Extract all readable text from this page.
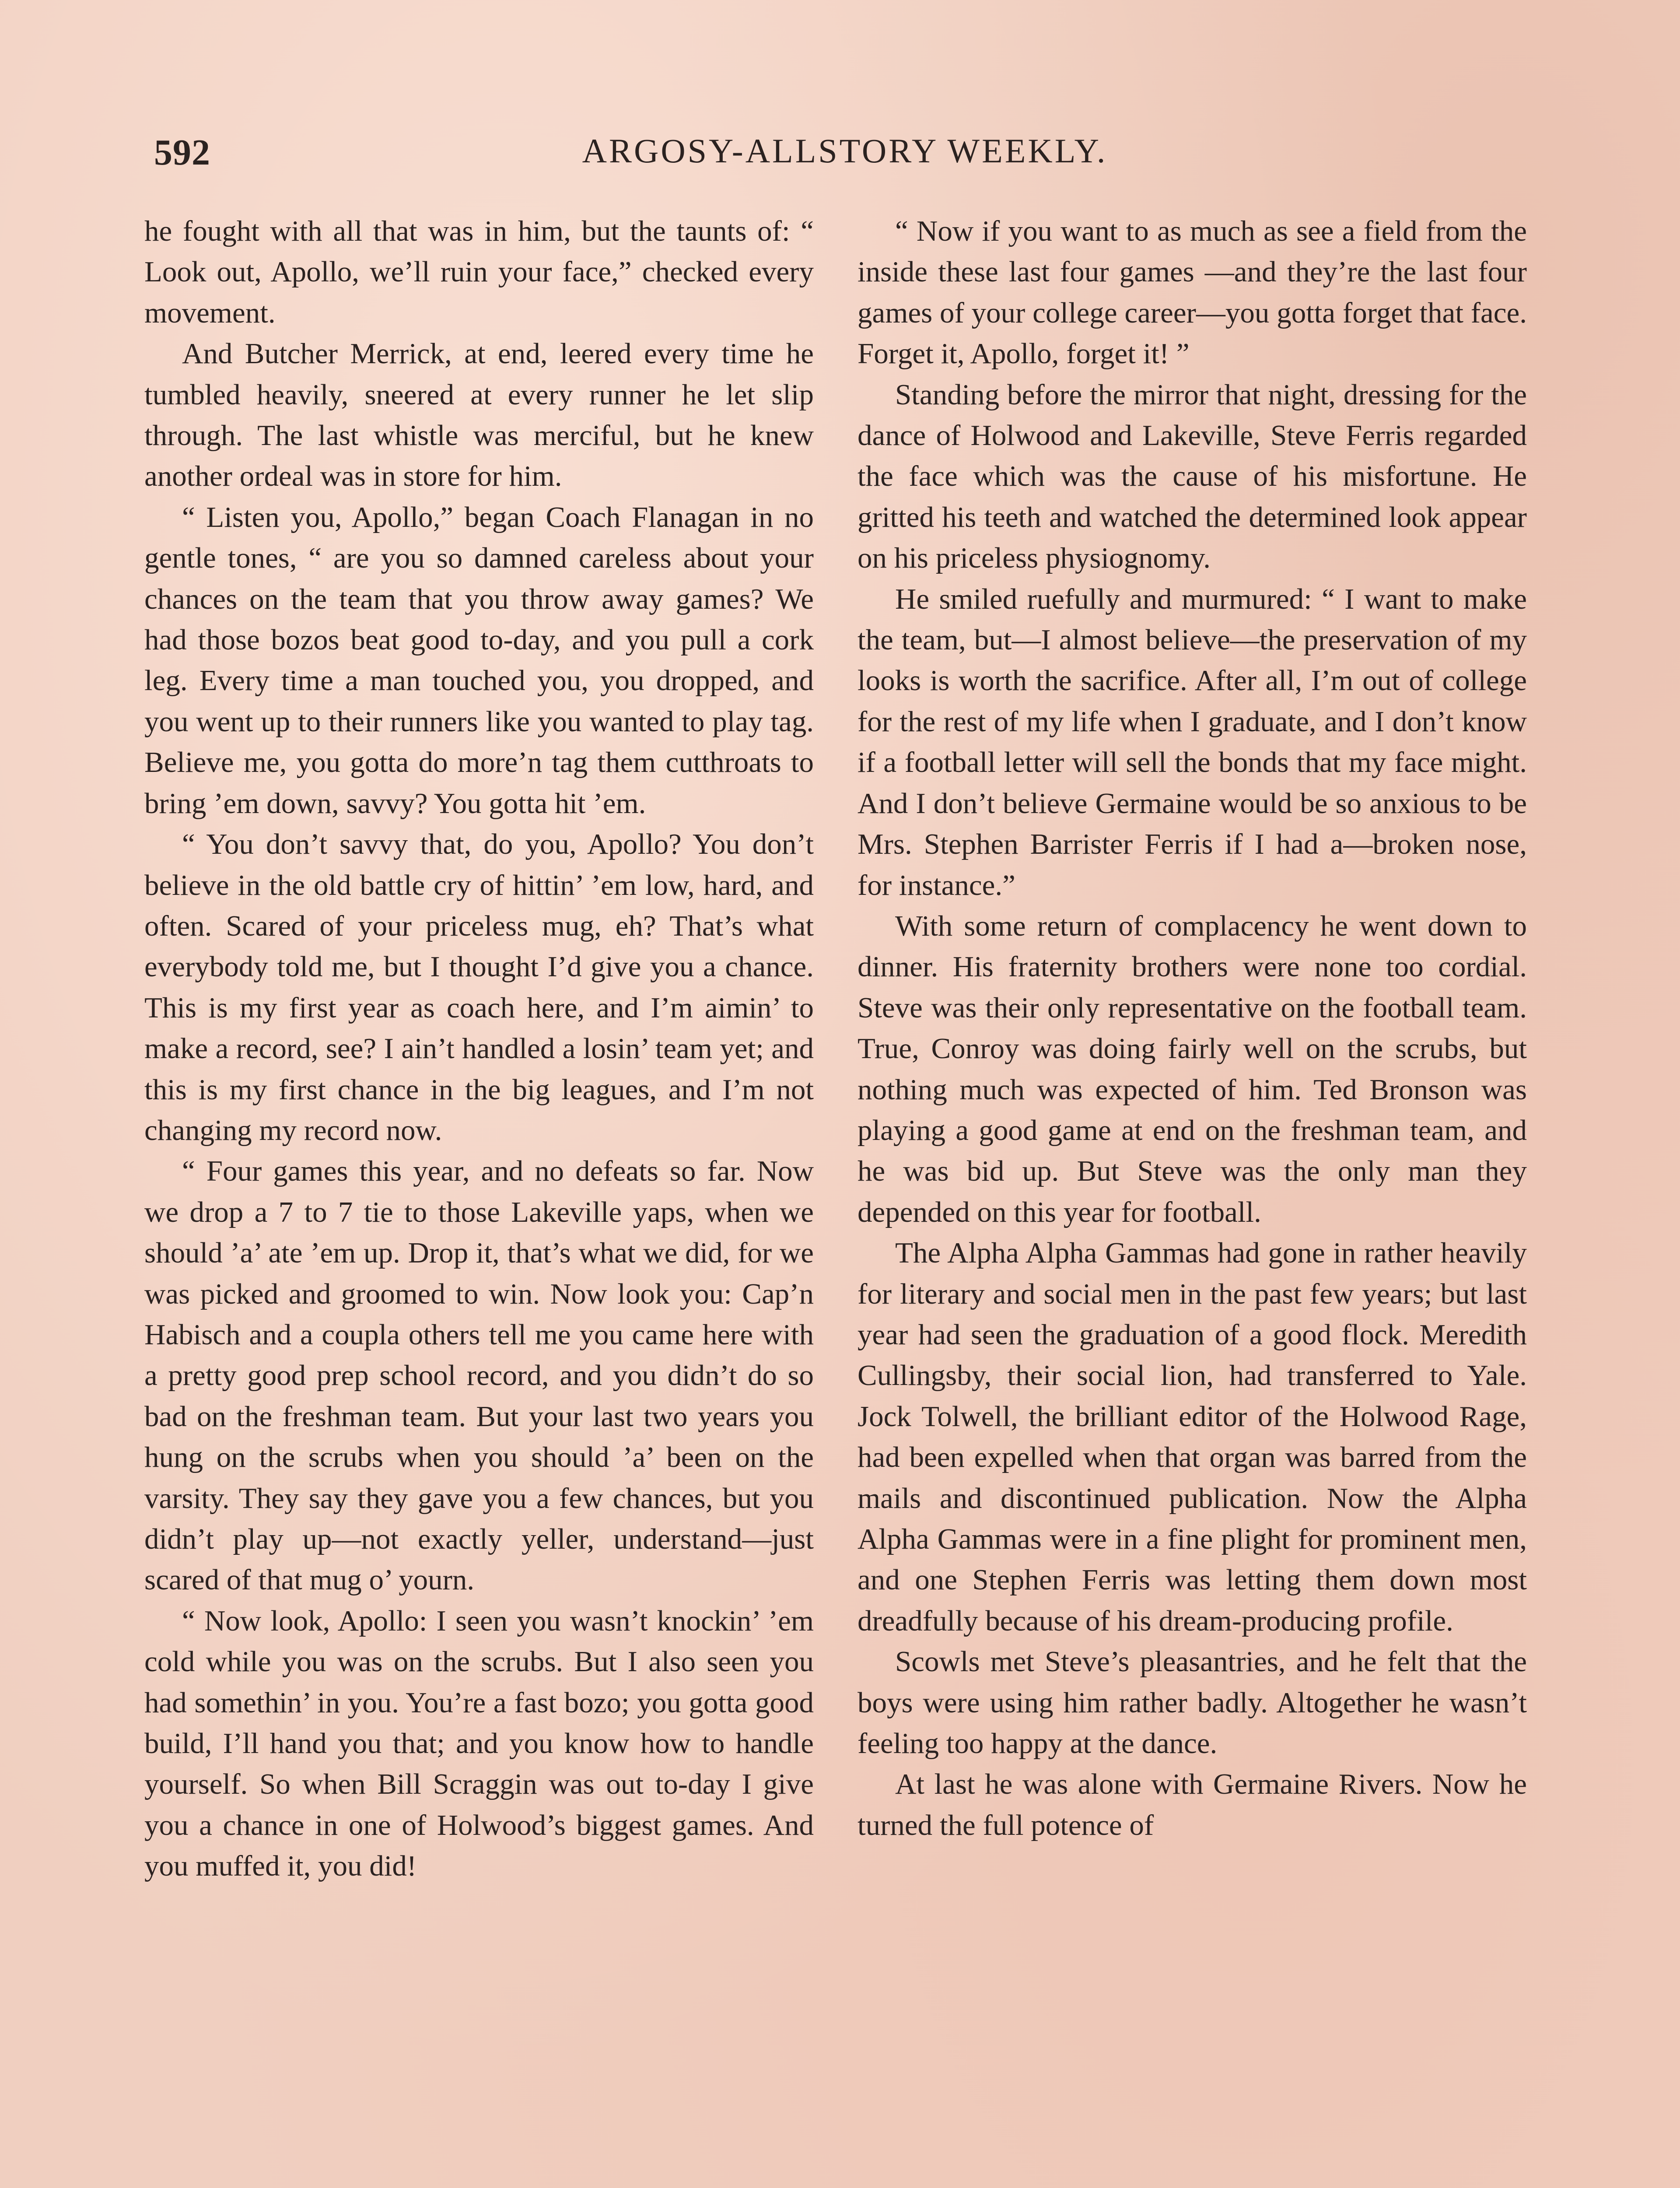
592	ARGOSY-ALLSTORY WEEKLY.

he fought with all that was in him, but the taunts of: “ Look out, Apollo, we’ll ruin your face,” checked every movement.

And Butcher Merrick, at end, leered every time he tumbled heavily, sneered at every runner he let slip through. The last whistle was merciful, but he knew another ordeal was in store for him.

“ Listen you, Apollo,” began Coach Flanagan in no gentle tones, “ are you so damned careless about your chances on the team that you throw away games? We had those bozos beat good to-day, and you pull a cork leg. Every time a man touched you, you dropped, and you went up to their runners like you wanted to play tag. Believe me, you gotta do more’n tag them cutthroats to bring ’em down, savvy? You gotta hit ’em.

“ You don’t savvy that, do you, Apollo? You don’t believe in the old battle cry of hittin’ ’em low, hard, and often. Scared of your priceless mug, eh? That’s what everybody told me, but I thought I’d give you a chance. This is my first year as coach here, and I’m aimin’ to make a record, see? I ain’t handled a losin’ team yet; and this is my first chance in the big leagues, and I’m not changing my record now.

“ Four games this year, and no defeats so far. Now we drop a 7 to 7 tie to those Lakeville yaps, when we should ’a’ ate ’em up. Drop it, that’s what we did, for we was picked and groomed to win. Now look you: Cap’n Habisch and a coupla others tell me you came here with a pretty good prep school record, and you didn’t do so bad on the freshman team. But your last two years you hung on the scrubs when you should ’a’ been on the varsity. They say they gave you a few chances, but you didn’t play up—not exactly yeller, understand—just scared of that mug o’ yourn.

“ Now look, Apollo: I seen you wasn’t knockin’ ’em cold while you was on the scrubs. But I also seen you had somethin’ in you. You’re a fast bozo; you gotta good build, I’ll hand you that; and you know how to handle yourself. So when Bill Scraggin was out to-day I give you a chance in one of Holwood’s biggest games. And you muffed it, you did!

“ Now if you want to as much as see a field from the inside these last four games —and they’re the last four games of your college career—you gotta forget that face. Forget it, Apollo, forget it! ”

Standing before the mirror that night, dressing for the dance of Holwood and Lakeville, Steve Ferris regarded the face which was the cause of his misfortune. He gritted his teeth and watched the determined look appear on his priceless physiognomy.

He smiled ruefully and murmured: “ I want to make the team, but—I almost believe—the preservation of my looks is worth the sacrifice. After all, I’m out of college for the rest of my life when I graduate, and I don’t know if a football letter will sell the bonds that my face might. And I don’t believe Germaine would be so anxious to be Mrs. Stephen Barrister Ferris if I had a—broken nose, for instance.”

With some return of complacency he went down to dinner. His fraternity brothers were none too cordial. Steve was their only representative on the football team. True, Conroy was doing fairly well on the scrubs, but nothing much was expected of him. Ted Bronson was playing a good game at end on the freshman team, and he was bid up. But Steve was the only man they depended on this year for football.

The Alpha Alpha Gammas had gone in rather heavily for literary and social men in the past few years; but last year had seen the graduation of a good flock. Meredith Cullingsby, their social lion, had transferred to Yale. Jock Tolwell, the brilliant editor of the Holwood Rage, had been expelled when that organ was barred from the mails and discontinued publication. Now the Alpha Alpha Gammas were in a fine plight for prominent men, and one Stephen Ferris was letting them down most dreadfully because of his dream-producing profile.

Scowls met Steve’s pleasantries, and he felt that the boys were using him rather badly. Altogether he wasn’t feeling too happy at the dance.

At last he was alone with Germaine Rivers. Now he turned the full potence of
